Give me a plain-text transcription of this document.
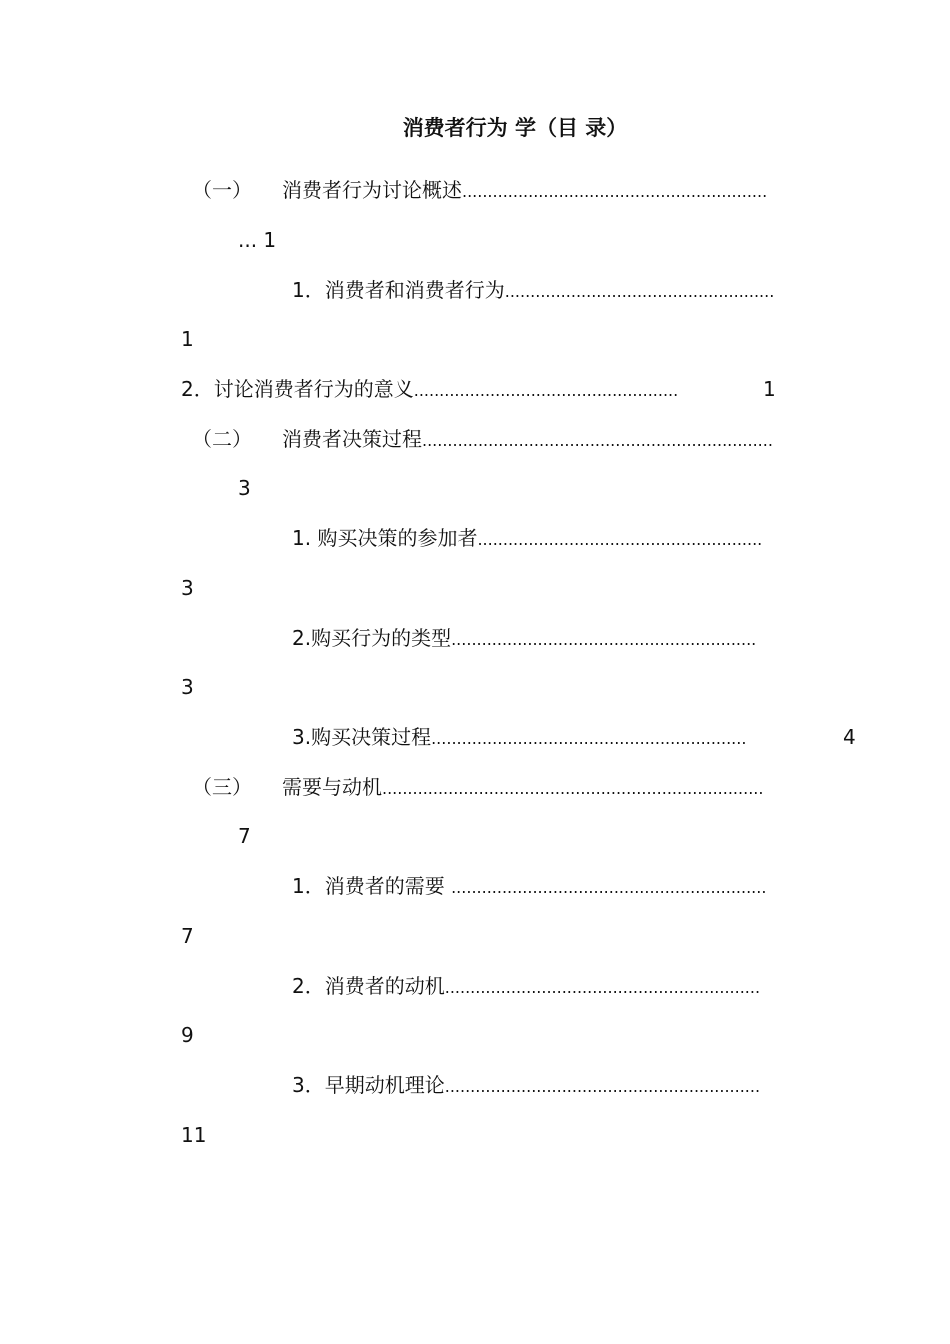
消费者行为 学（目 录）
（一） 消费者行为讨论概述............................................................
... 1
1．消费者和消费者行为.....................................................
1
2．讨论消费者行为的意义....................................................	1
（二） 消费者决策过程.....................................................................
3
1. 购买决策的参加者........................................................
3
2.购买行为的类型............................................................
3
3.购买决策过程..............................................................	4
（三） 需要与动机...........................................................................
7
1．消费者的需要 ..............................................................
7
2．消费者的动机..............................................................
9
3．早期动机理论..............................................................
11
